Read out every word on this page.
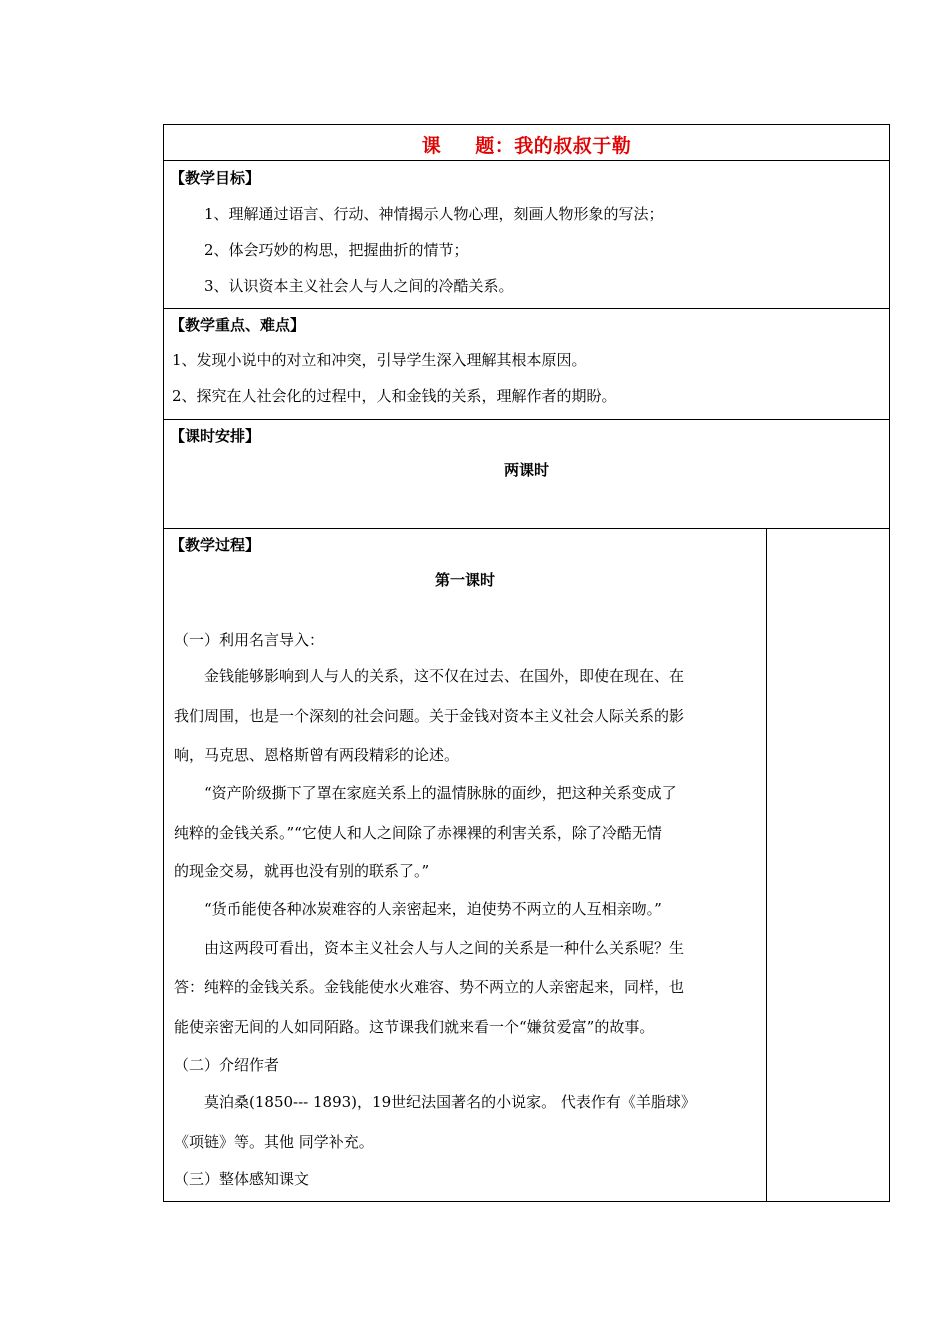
课 题：我的叔叔于勒
【教学目标】
1、理解通过语言、行动、神情揭示人物心理，刻画人物形象的写法；
2、体会巧妙的构思，把握曲折的情节；
3、认识资本主义社会人与人之间的冷酷关系。
【教学重点、难点】
1、发现小说中的对立和冲突，引导学生深入理解其根本原因。
2、探究在人社会化的过程中，人和金钱的关系，理解作者的期盼。
【课时安排】
两课时
【教学过程】
第一课时
（一）利用名言导入：
　　金钱能够影响到人与人的关系，这不仅在过去、在国外，即使在现在、在
我们周围，也是一个深刻的社会问题。关于金钱对资本主义社会人际关系的影
响，马克思、恩格斯曾有两段精彩的论述。
　　“资产阶级撕下了罩在家庭关系上的温情脉脉的面纱，把这种关系变成了
纯粹的金钱关系。”“它使人和人之间除了赤裸裸的利害关系，除了冷酷无情
的现金交易，就再也没有别的联系了。”
　　“货币能使各种冰炭难容的人亲密起来，迫使势不两立的人互相亲吻。”
　　由这两段可看出，资本主义社会人与人之间的关系是一种什么关系呢？生
答：纯粹的金钱关系。金钱能使水火难容、势不两立的人亲密起来，同样，也
能使亲密无间的人如同陌路。这节课我们就来看一个“嫌贫爱富”的故事。
（二）介绍作者
　　莫泊桑(1850--- 1893)，19世纪法国著名的小说家。 代表作有《羊脂球》
《项链》等。其他 同学补充。
（三）整体感知课文
